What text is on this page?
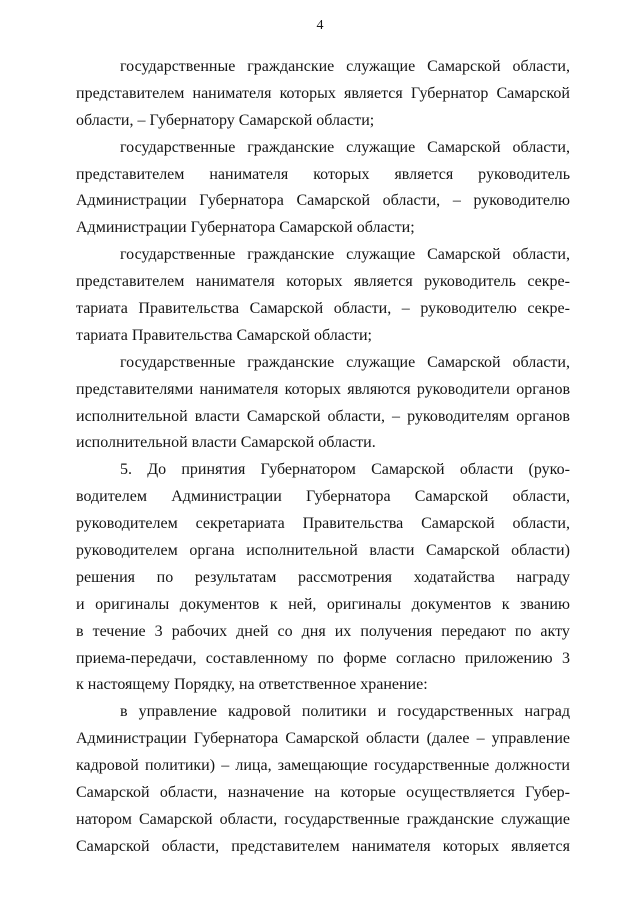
4
государственные гражданские служащие Самарской области,
представителем нанимателя которых является Губернатор Самарской
области, – Губернатору Самарской области;
государственные гражданские служащие Самарской области,
представителем нанимателя которых является руководитель
Администрации Губернатора Самарской области, – руководителю
Администрации Губернатора Самарской области;
государственные гражданские служащие Самарской области,
представителем нанимателя которых является руководитель секре-
тариата Правительства Самарской области, – руководителю секре-
тариата Правительства Самарской области;
государственные гражданские служащие Самарской области,
представителями нанимателя которых являются руководители органов
исполнительной власти Самарской области, – руководителям органов
исполнительной власти Самарской области.
5. До принятия Губернатором Самарской области (руко-
водителем Администрации Губернатора Самарской области,
руководителем секретариата Правительства Самарской области,
руководителем органа исполнительной власти Самарской области)
решения по результатам рассмотрения ходатайства награду
и оригиналы документов к ней, оригиналы документов к званию
в течение 3 рабочих дней со дня их получения передают по акту
приема-передачи, составленному по форме согласно приложению 3
к настоящему Порядку, на ответственное хранение:
в управление кадровой политики и государственных наград
Администрации Губернатора Самарской области (далее – управление
кадровой политики) – лица, замещающие государственные должности
Самарской области, назначение на которые осуществляется Губер-
натором Самарской области, государственные гражданские служащие
Самарской области, представителем нанимателя которых является
